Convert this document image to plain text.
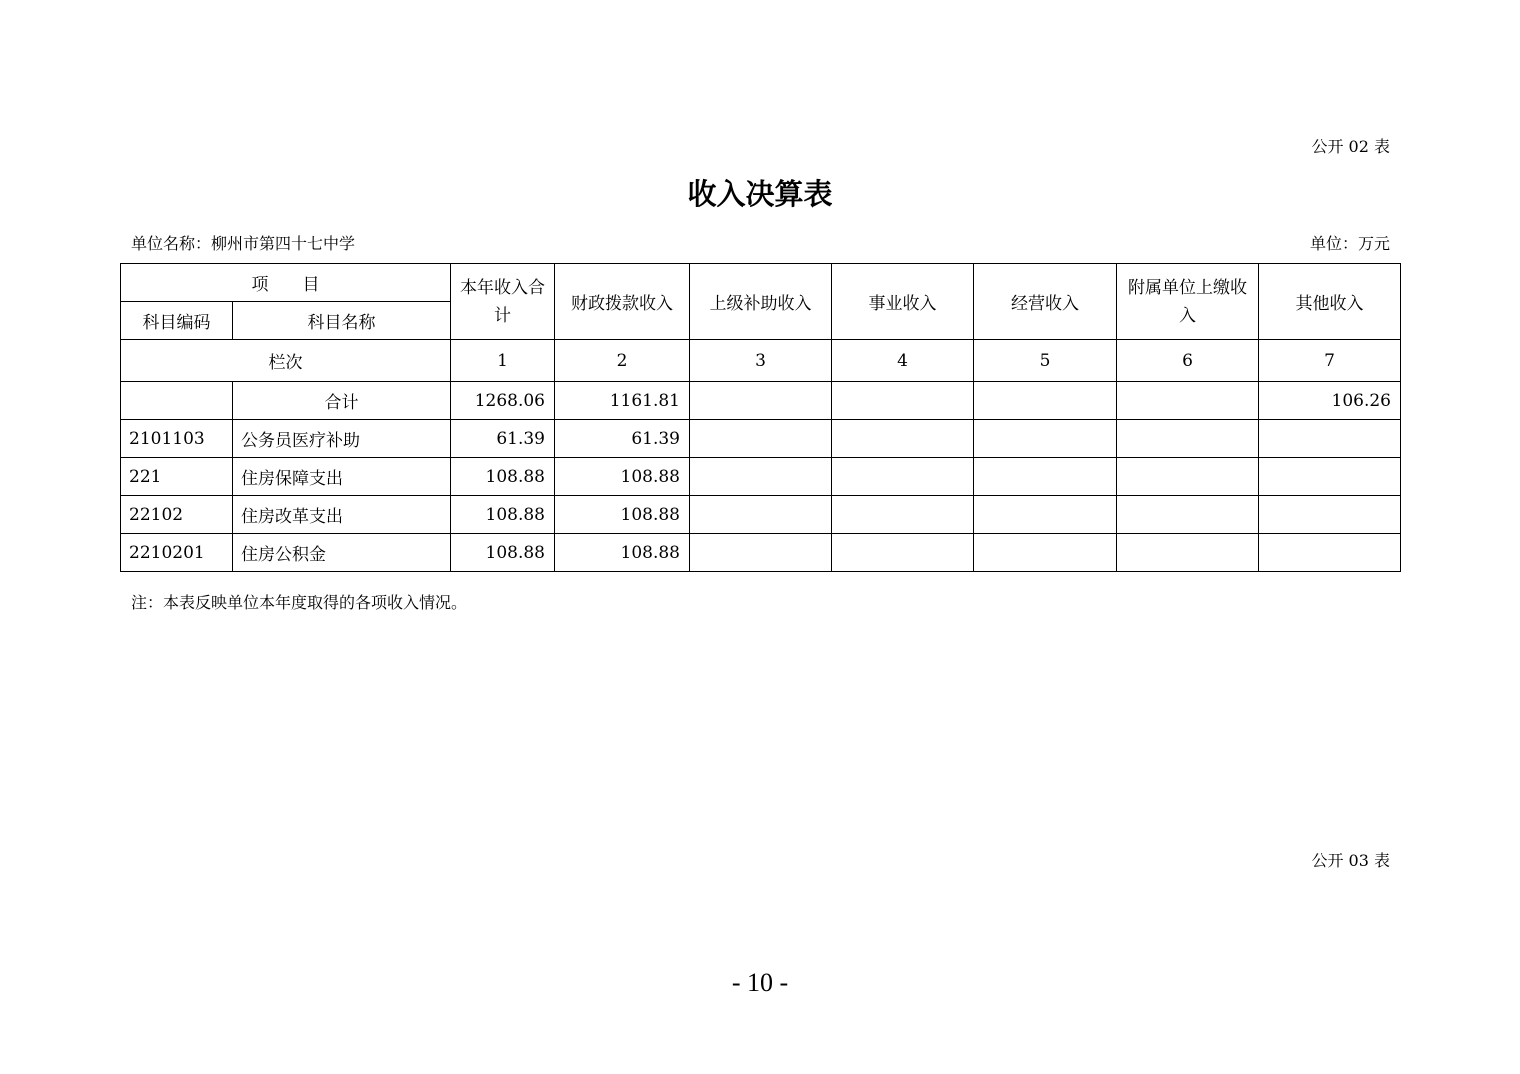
公开 02 表
收入决算表
单位名称：柳州市第四十七中学	单位：万元
项　　目		本年收入合计	财政拨款收入	上级补助收入	事业收入	经营收入	附属单位上缴收入	其他收入
科目编码	科目名称							
栏次		1	2	3	4	5	6	7
	合计	1268.06	1161.81					106.26
2101103	公务员医疗补助	61.39	61.39					
221	住房保障支出	108.88	108.88					
22102	住房改革支出	108.88	108.88					
2210201	住房公积金	108.88	108.88					
注：本表反映单位本年度取得的各项收入情况。
公开 03 表
- 10 -
